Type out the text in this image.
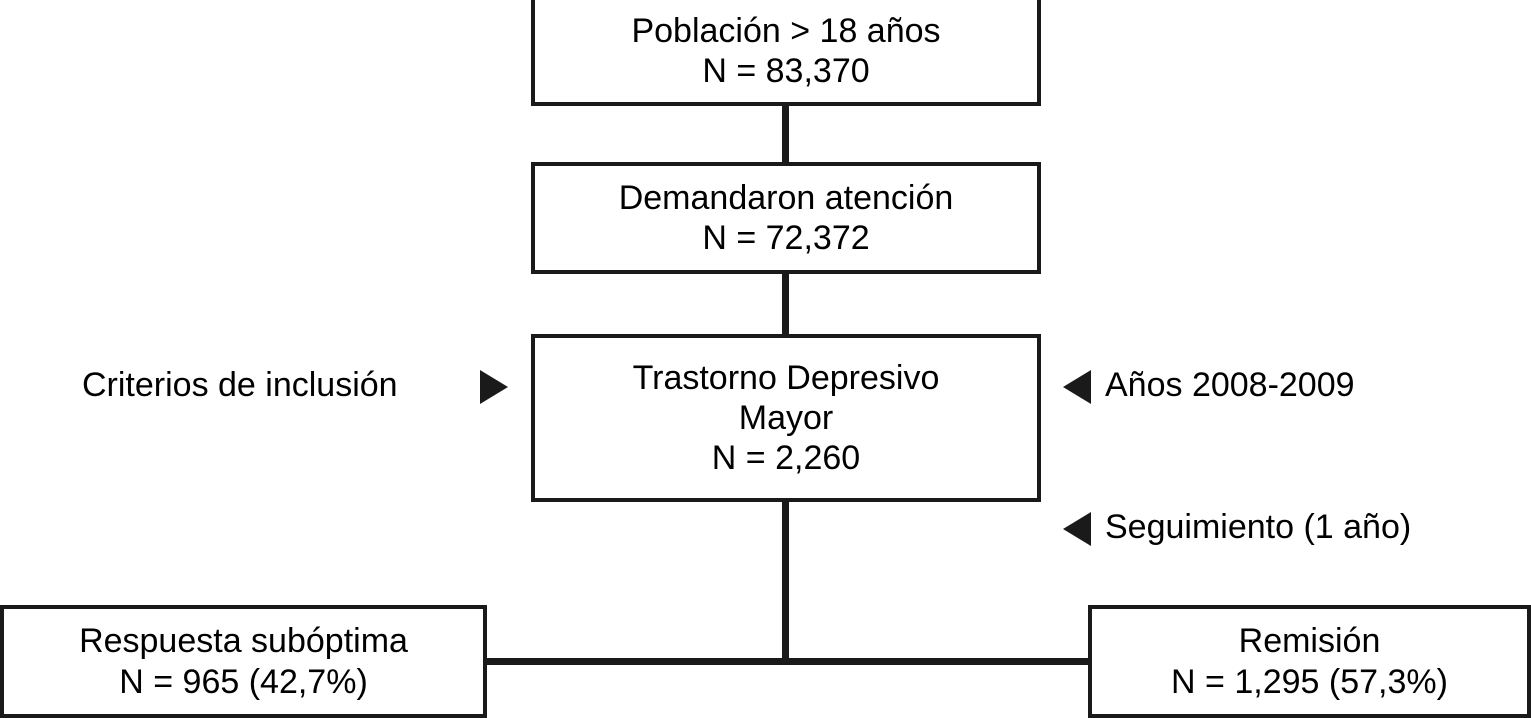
Población > 18 años
N = 83,370
Demandaron atención
N = 72,372
Trastorno Depresivo
Mayor
N = 2,260
Respuesta subóptima
N = 965 (42,7%)
Remisión
N = 1,295 (57,3%)
Criterios de inclusión	Años 2008-2009
Seguimiento (1 año)
